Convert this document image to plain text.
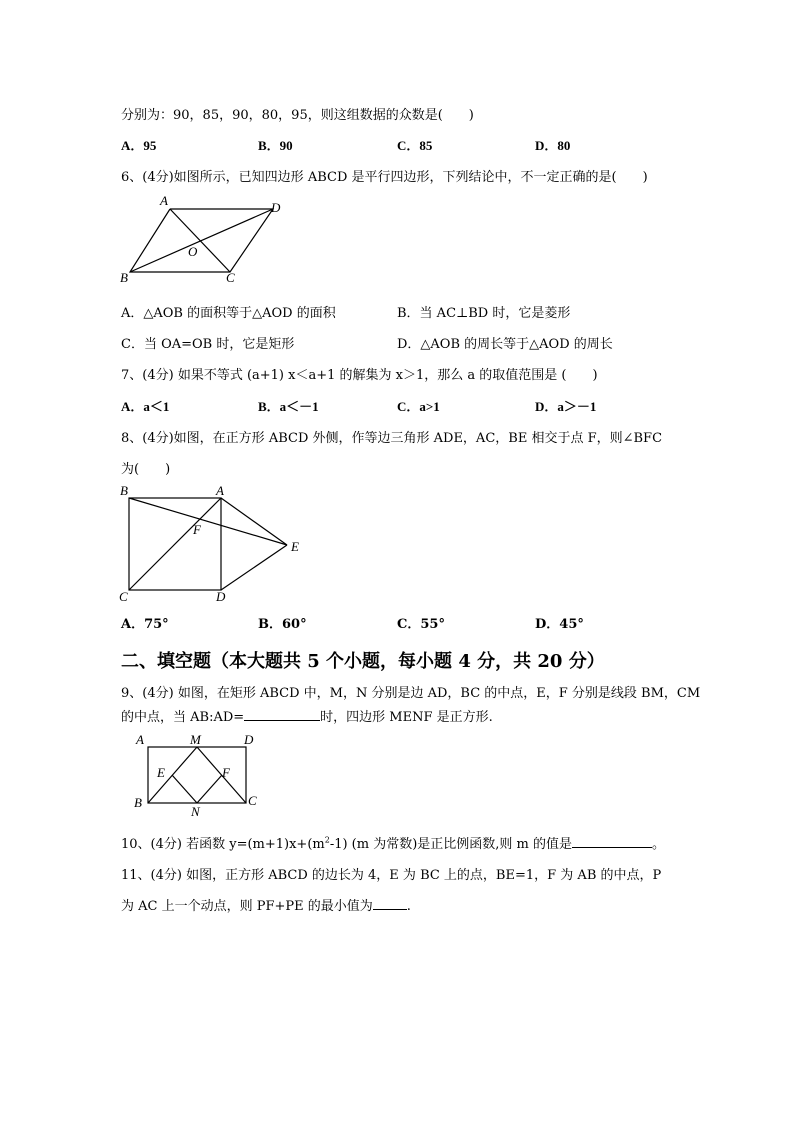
分别为：90，85，90，80，95，则这组数据的众数是(　　)
A．95	B．90	C．85	D．80
6、(4分)如图所示，已知四边形 ABCD 是平行四边形，下列结论中，不一定正确的是(　　)
A	D
B	C
O
A．△AOB 的面积等于△AOD 的面积	B．当 AC⊥BD 时，它是菱形
C．当 OA=OB 时，它是矩形	D．△AOB 的周长等于△AOD 的周长
7、(4分) 如果不等式 (a+1) x＜a+1 的解集为 x＞1，那么 a 的取值范围是 (　　)
A．a＜1	B．a＜－1	C．a>1	D．a＞－1
8、(4分)如图，在正方形 ABCD 外侧，作等边三角形 ADE，AC，BE 相交于点 F，则∠BFC
为(　　)
B	A
C	D
E
F
A．75°	B．60°	C．55°	D．45°
二、填空题（本大题共 5 个小题，每小题 4 分，共 20 分）
9、(4分) 如图，在矩形 ABCD 中，M，N 分别是边 AD，BC 的中点，E，F 分别是线段 BM，CM
的中点，当 AB:AD=	时，四边形 MENF 是正方形.
A	M	D
B	C
N
E	F
10、(4分) 若函数 $y=(m+1)x+(m^2-1)$ (m 为常数)是正比例函数,则 m 的值是	。
11、(4分) 如图，正方形 ABCD 的边长为 4，E 为 BC 上的点，BE=1，F 为 AB 的中点，P
为 AC 上一个动点，则 PF+PE 的最小值为	.
